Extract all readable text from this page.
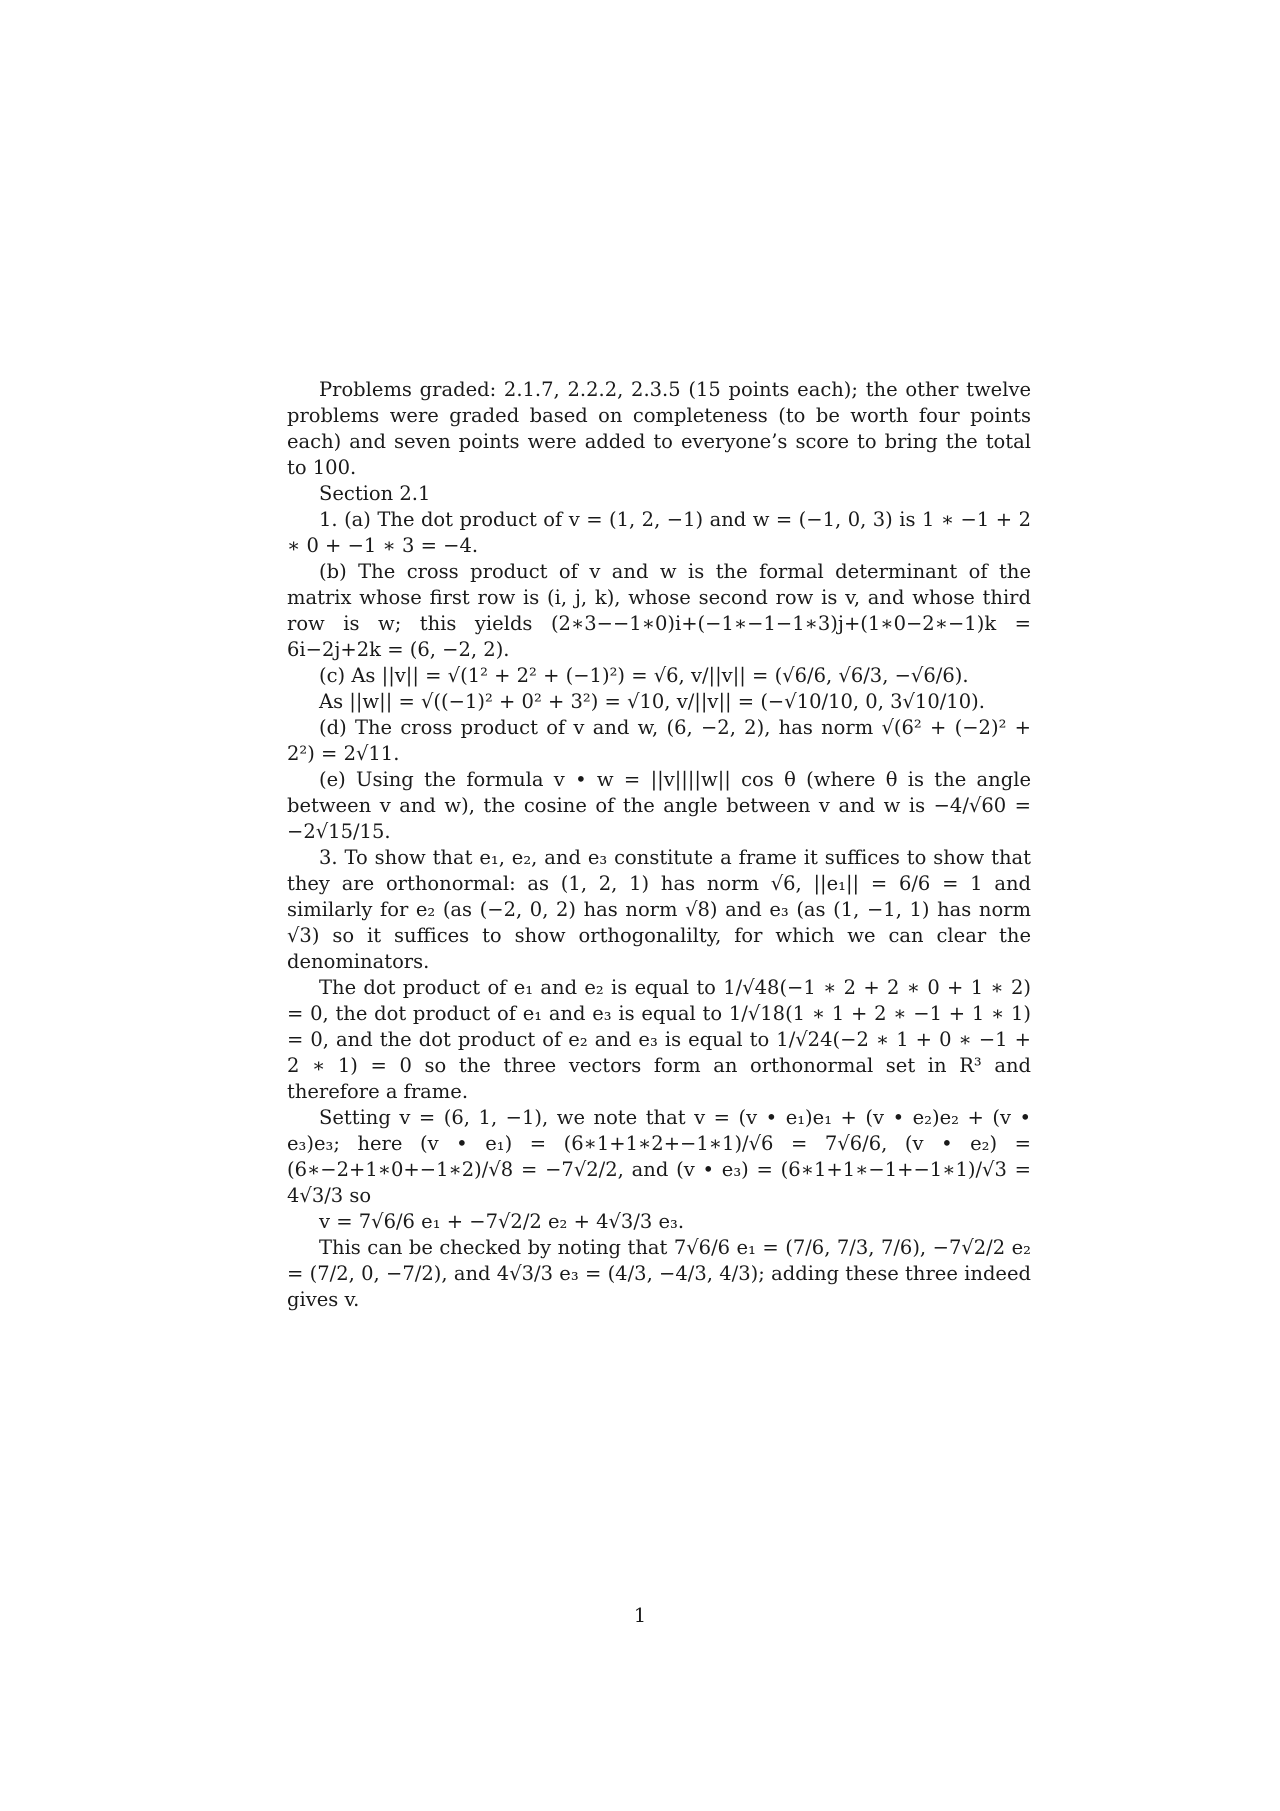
Problems graded: 2.1.7, 2.2.2, 2.3.5 (15 points each); the other twelve problems were graded based on completeness (to be worth four points each) and seven points were added to everyone’s score to bring the total to 100.

Section 2.1

1. (a) The dot product of v = (1, 2, −1) and w = (−1, 0, 3) is 1 ∗ −1 + 2 ∗ 0 + −1 ∗ 3 = −4.

(b) The cross product of v and w is the formal determinant of the matrix whose first row is (i, j, k), whose second row is v, and whose third row is w; this yields (2∗3−−1∗0)i+(−1∗−1−1∗3)j+(1∗0−2∗−1)k = 6i−2j+2k = (6, −2, 2).

(c) As ||v|| = √(1² + 2² + (−1)²) = √6, v/||v|| = (√6/6, √6/3, −√6/6).

As ||w|| = √((−1)² + 0² + 3²) = √10, v/||v|| = (−√10/10, 0, 3√10/10).

(d) The cross product of v and w, (6, −2, 2), has norm √(6² + (−2)² + 2²) = 2√11.

(e) Using the formula v • w = ||v||||w|| cos θ (where θ is the angle between v and w), the cosine of the angle between v and w is −4/√60 = −2√15/15.

3. To show that e₁, e₂, and e₃ constitute a frame it suffices to show that they are orthonormal: as (1, 2, 1) has norm √6, ||e₁|| = 6/6 = 1 and similarly for e₂ (as (−2, 0, 2) has norm √8) and e₃ (as (1, −1, 1) has norm √3) so it suffices to show orthogonalilty, for which we can clear the denominators.

The dot product of e₁ and e₂ is equal to 1/√48(−1 ∗ 2 + 2 ∗ 0 + 1 ∗ 2) = 0, the dot product of e₁ and e₃ is equal to 1/√18(1 ∗ 1 + 2 ∗ −1 + 1 ∗ 1) = 0, and the dot product of e₂ and e₃ is equal to 1/√24(−2 ∗ 1 + 0 ∗ −1 + 2 ∗ 1) = 0 so the three vectors form an orthonormal set in R³ and therefore a frame.

Setting v = (6, 1, −1), we note that v = (v • e₁)e₁ + (v • e₂)e₂ + (v • e₃)e₃; here (v • e₁) = (6∗1+1∗2+−1∗1)/√6 = 7√6/6, (v • e₂) = (6∗−2+1∗0+−1∗2)/√8 = −7√2/2, and (v • e₃) = (6∗1+1∗−1+−1∗1)/√3 = 4√3/3 so

v = 7√6/6 e₁ + −7√2/2 e₂ + 4√3/3 e₃.

This can be checked by noting that 7√6/6 e₁ = (7/6, 7/3, 7/6), −7√2/2 e₂ = (7/2, 0, −7/2), and 4√3/3 e₃ = (4/3, −4/3, 4/3); adding these three indeed gives v.

1
